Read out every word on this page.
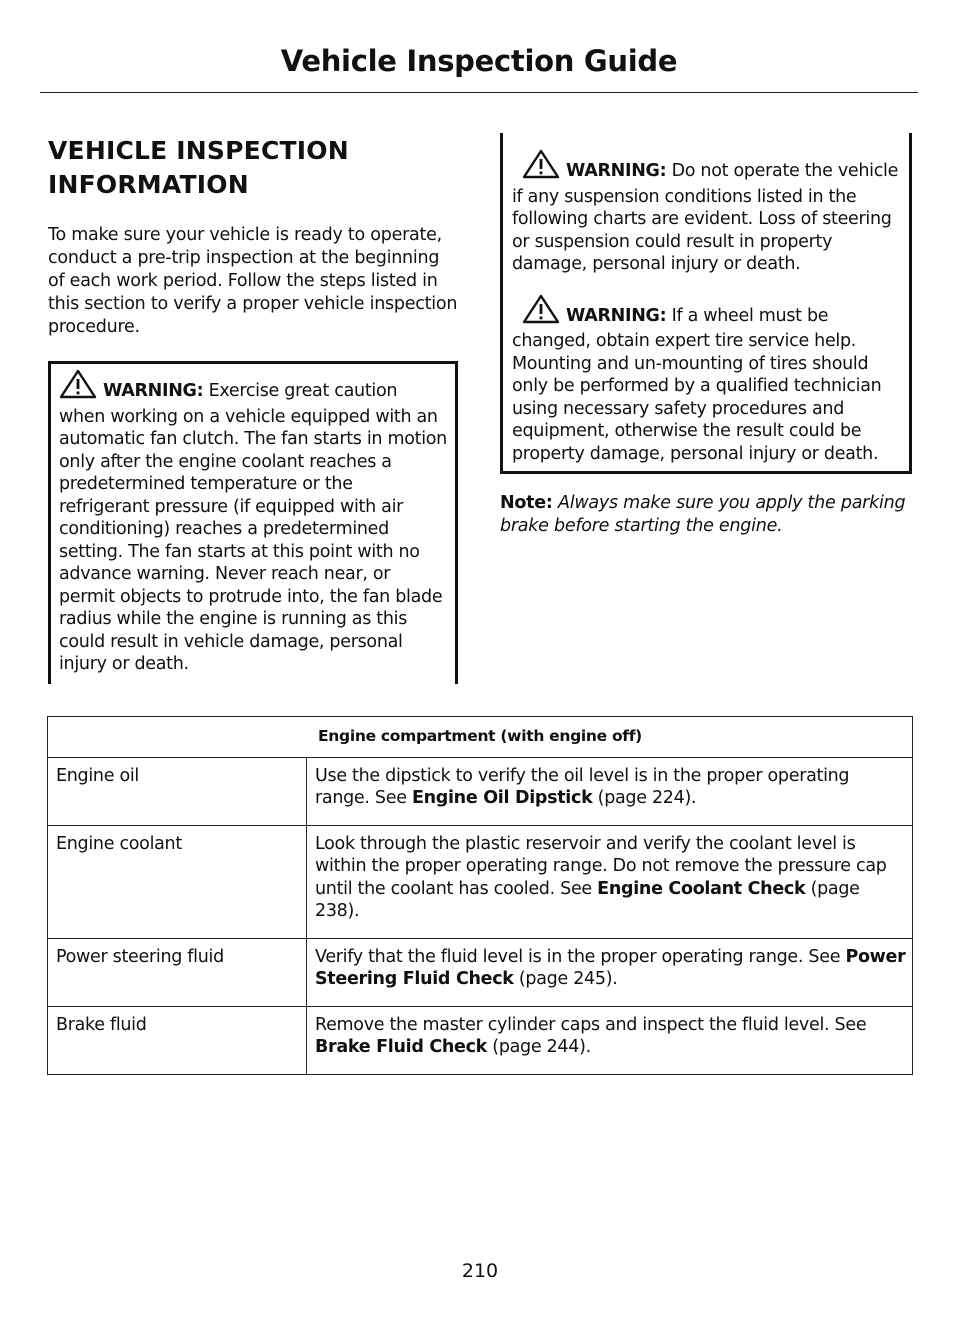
Vehicle Inspection Guide
VEHICLE INSPECTION
INFORMATION

To make sure your vehicle is ready to operate, conduct a pre-trip inspection at the beginning of each work period. Follow the steps listed in this section to verify a proper vehicle inspection procedure.

WARNING: Exercise great caution when working on a vehicle equipped with an automatic fan clutch. The fan starts in motion only after the engine coolant reaches a predetermined temperature or the refrigerant pressure (if equipped with air conditioning) reaches a predetermined setting. The fan starts at this point with no advance warning. Never reach near, or permit objects to protrude into, the fan blade radius while the engine is running as this could result in vehicle damage, personal injury or death.

WARNING: Do not operate the vehicle if any suspension conditions listed in the following charts are evident. Loss of steering or suspension could result in property damage, personal injury or death.

WARNING: If a wheel must be changed, obtain expert tire service help. Mounting and un-mounting of tires should only be performed by a qualified technician using necessary safety procedures and equipment, otherwise the result could be property damage, personal injury or death.

Note: Always make sure you apply the parking brake before starting the engine.

Engine compartment (with engine off)	
Engine oil	Use the dipstick to verify the oil level is in the proper operating range. See Engine Oil Dipstick (page 224).
Engine coolant	Look through the plastic reservoir and verify the coolant level is within the proper operating range. Do not remove the pressure cap until the coolant has cooled. See Engine Coolant Check (page 238).
Power steering fluid	Verify that the fluid level is in the proper operating range. See Power Steering Fluid Check (page 245).
Brake fluid	Remove the master cylinder caps and inspect the fluid level. See Brake Fluid Check (page 244).
210
